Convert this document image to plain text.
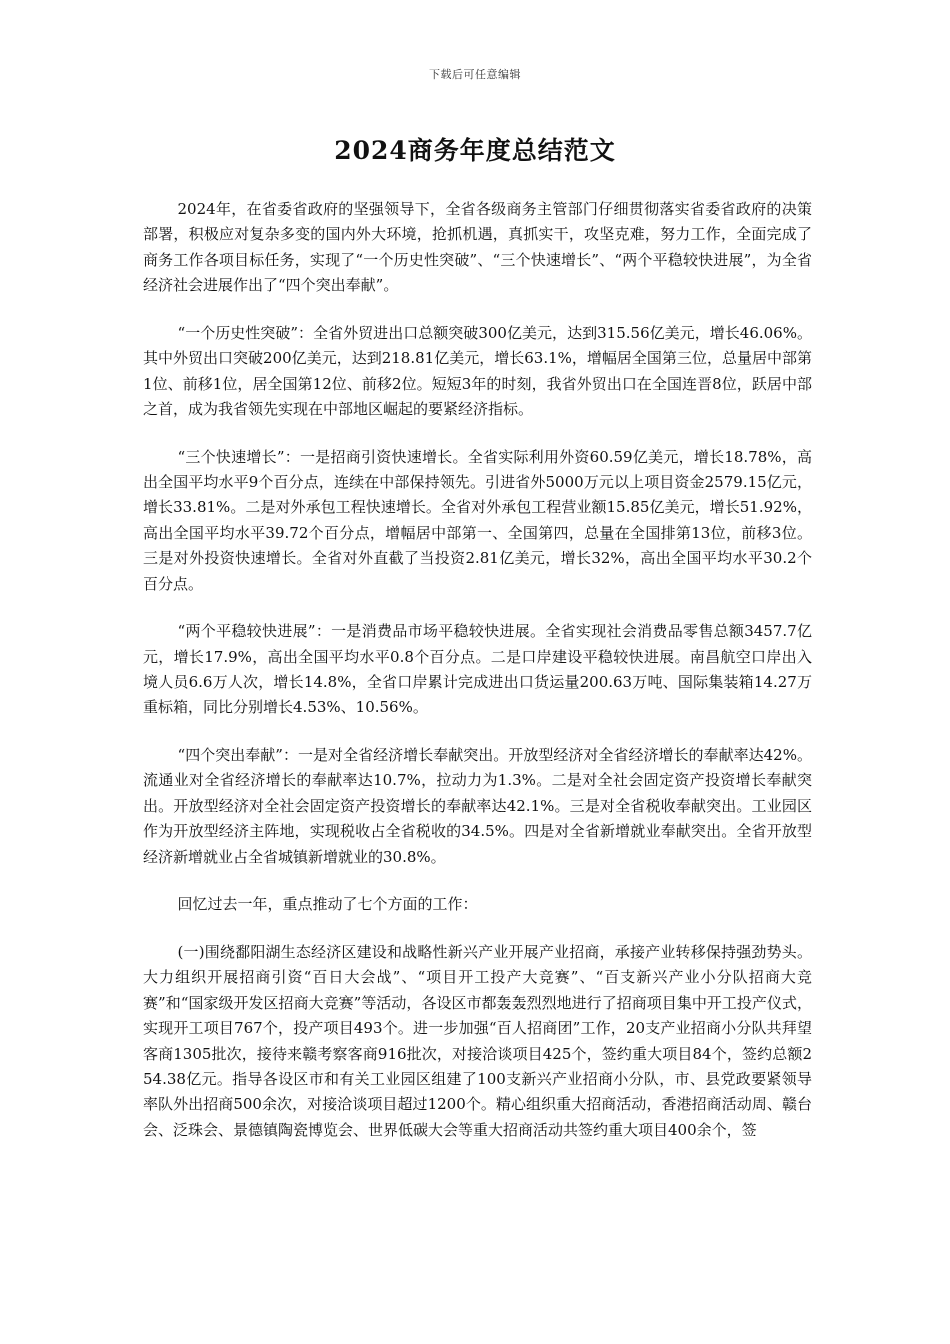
下载后可任意编辑
2024商务年度总结范文

2024年，在省委省政府的坚强领导下，全省各级商务主管部门仔细贯彻落实省委省政府的决策部署，积极应对复杂多变的国内外大环境，抢抓机遇，真抓实干，攻坚克难，努力工作，全面完成了商务工作各项目标任务，实现了“一个历史性突破”、“三个快速增长”、“两个平稳较快进展”，为全省经济社会进展作出了“四个突出奉献”。

“一个历史性突破”：全省外贸进出口总额突破300亿美元，达到315.56亿美元，增长46.06%。其中外贸出口突破200亿美元，达到218.81亿美元，增长63.1%，增幅居全国第三位，总量居中部第1位、前移1位，居全国第12位、前移2位。短短3年的时刻，我省外贸出口在全国连晋8位，跃居中部之首，成为我省领先实现在中部地区崛起的要紧经济指标。

“三个快速增长”：一是招商引资快速增长。全省实际利用外资60.59亿美元，增长18.78%，高出全国平均水平9个百分点，连续在中部保持领先。引进省外5000万元以上项目资金2579.15亿元，增长33.81%。二是对外承包工程快速增长。全省对外承包工程营业额15.85亿美元，增长51.92%，高出全国平均水平39.72个百分点，增幅居中部第一、全国第四，总量在全国排第13位，前移3位。三是对外投资快速增长。全省对外直截了当投资2.81亿美元，增长32%，高出全国平均水平30.2个百分点。

“两个平稳较快进展”：一是消费品市场平稳较快进展。全省实现社会消费品零售总额3457.7亿元，增长17.9%，高出全国平均水平0.8个百分点。二是口岸建设平稳较快进展。南昌航空口岸出入境人员6.6万人次，增长14.8%，全省口岸累计完成进出口货运量200.63万吨、国际集装箱14.27万重标箱，同比分别增长4.53%、10.56%。

“四个突出奉献”：一是对全省经济增长奉献突出。开放型经济对全省经济增长的奉献率达42%。流通业对全省经济增长的奉献率达10.7%，拉动力为1.3%。二是对全社会固定资产投资增长奉献突出。开放型经济对全社会固定资产投资增长的奉献率达42.1%。三是对全省税收奉献突出。工业园区作为开放型经济主阵地，实现税收占全省税收的34.5%。四是对全省新增就业奉献突出。全省开放型经济新增就业占全省城镇新增就业的30.8%。

回忆过去一年，重点推动了七个方面的工作：

(一)围绕鄱阳湖生态经济区建设和战略性新兴产业开展产业招商，承接产业转移保持强劲势头。大力组织开展招商引资“百日大会战”、“项目开工投产大竞赛”、“百支新兴产业小分队招商大竞赛”和“国家级开发区招商大竞赛”等活动，各设区市都轰轰烈烈地进行了招商项目集中开工投产仪式，实现开工项目767个，投产项目493个。进一步加强“百人招商团”工作，20支产业招商小分队共拜望客商1305批次，接待来赣考察客商916批次，对接洽谈项目425个，签约重大项目84个，签约总额254.38亿元。指导各设区市和有关工业园区组建了100支新兴产业招商小分队，市、县党政要紧领导率队外出招商500余次，对接洽谈项目超过1200个。精心组织重大招商活动，香港招商活动周、赣台会、泛珠会、景德镇陶瓷博览会、世界低碳大会等重大招商活动共签约重大项目400余个，签
